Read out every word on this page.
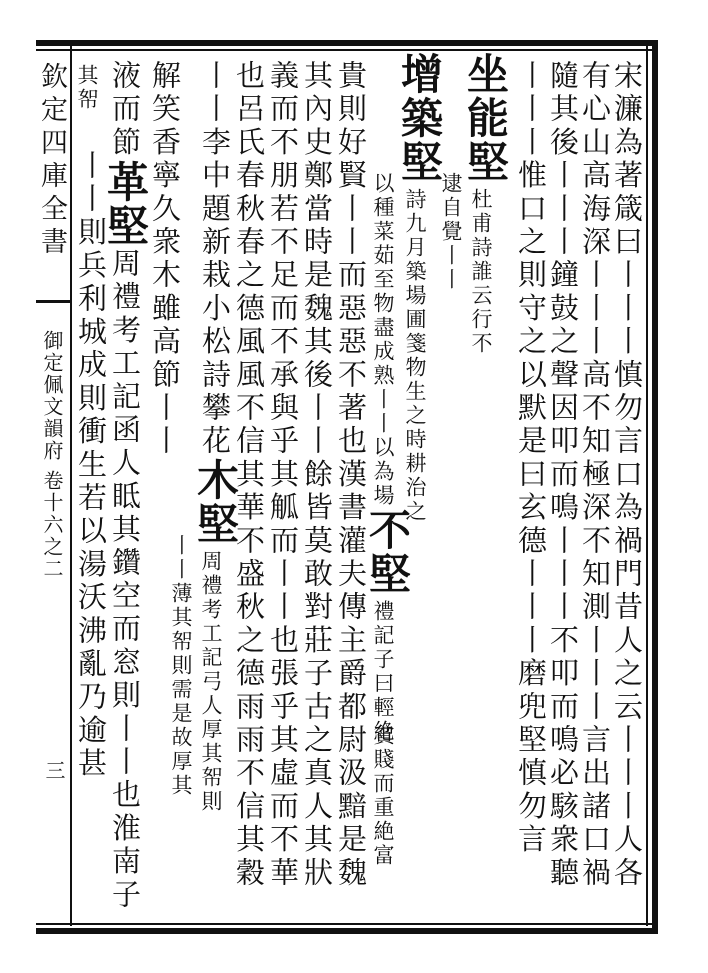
欽定四庫全書
御定佩文韻府
卷十六之二
三	宋濂為著箴曰丨丨丨慎勿言口為禍門昔人之云丨丨丨人各
有心山高海深丨丨丨高不知極深不知測丨丨丨言出諸口禍
隨其後丨丨丨鐘鼓之聲因叩而鳴丨丨丨不叩而鳴必駭衆聽
丨丨丨惟口之則守之以默是曰玄德丨丨丨磨兜堅慎勿言
坐能堅
杜甫詩誰云行不
逮自覺丨丨
增築堅
詩九月築場圃箋物生之時耕治之
以種菜茹至物盡成熟丨丨以為場
不堅
禮記子曰輕絶
貧賤而重絶富
貴則好賢丨丨而惡惡不著也漢書灌夫傳主爵都尉汲黯是魏
其內史鄭當時是魏其後丨丨餘皆莫敢對莊子古之真人其狀
義而不朋若不足而不承與乎其觚而丨丨也張乎其虛而不華
也呂氏春秋春之德風風不信其華不盛秋之德雨雨不信其穀
丨丨李中題新栽小松詩攀花
木堅
周禮考工記弓人厚其帤則
丨丨薄其帤則需是故厚其
解笑香寧久衆木雖高節丨丨
液而節
革堅
周禮考工記函人眡其鑽空而窓則丨丨也淮南子
其帤
丨丨則兵利城成則衝生若以湯沃沸亂乃逾甚
